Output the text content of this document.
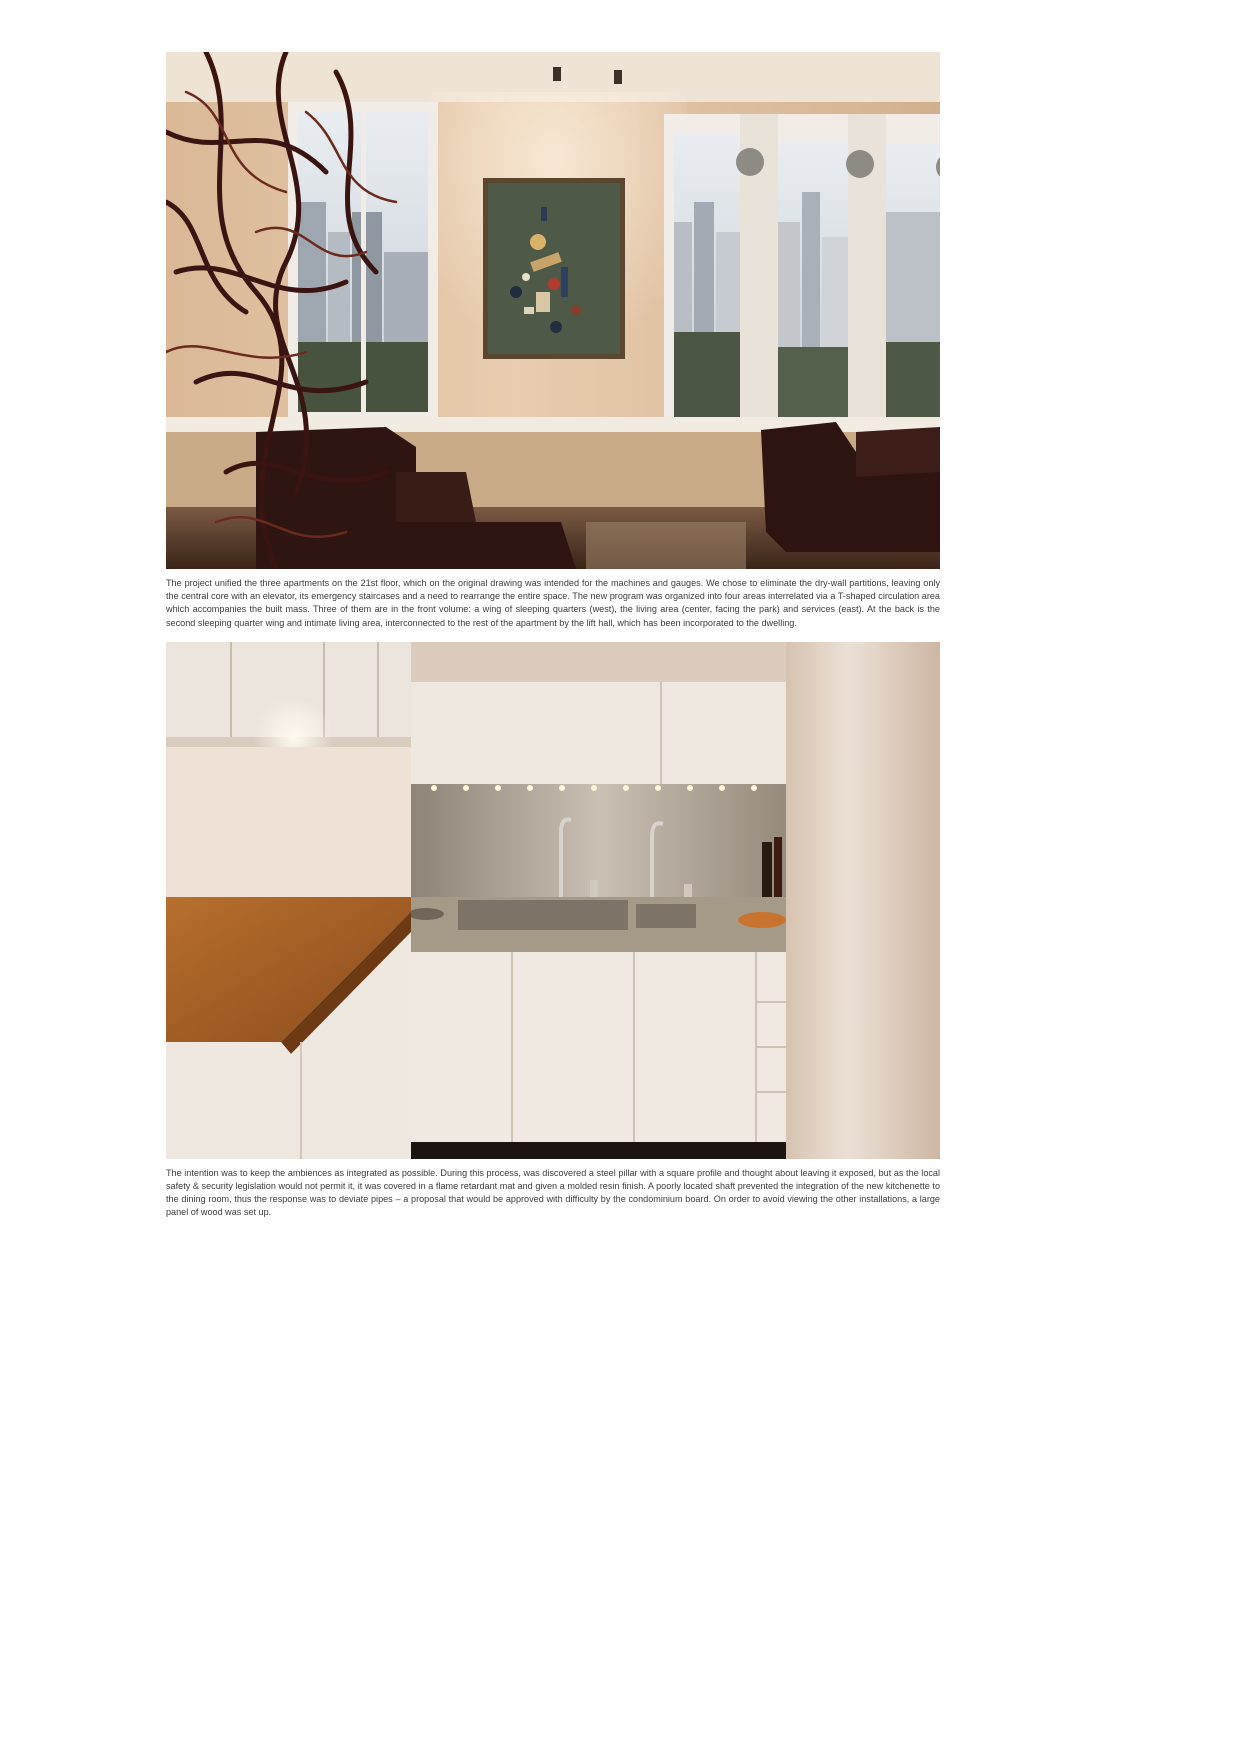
The project unified the three apartments on the 21st floor, which on the original drawing was intended for the machines and gauges. We chose to eliminate the dry-wall partitions, leaving only the central core with an elevator, its emergency staircases and a need to rearrange the entire space. The new program was organized into four areas interrelated via a T-shaped circulation area which accompanies the built mass. Three of them are in the front volume: a wing of sleeping quarters (west), the living area (center, facing the park) and services (east). At the back is the second sleeping quarter wing and intimate living area, interconnected to the rest of the apartment by the lift hall, which has been incorporated to the dwelling.

The intention was to keep the ambiences as integrated as possible. During this process, was discovered a steel pillar with a square profile and thought about leaving it exposed, but as the local safety & security legislation would not permit it, it was covered in a flame retardant mat and given a molded resin finish. A poorly located shaft prevented the integration of the new kitchenette to the dining room, thus the response was to deviate pipes – a proposal that would be approved with difficulty by the condominium board. On order to avoid viewing the other installations, a large panel of wood was set up.
